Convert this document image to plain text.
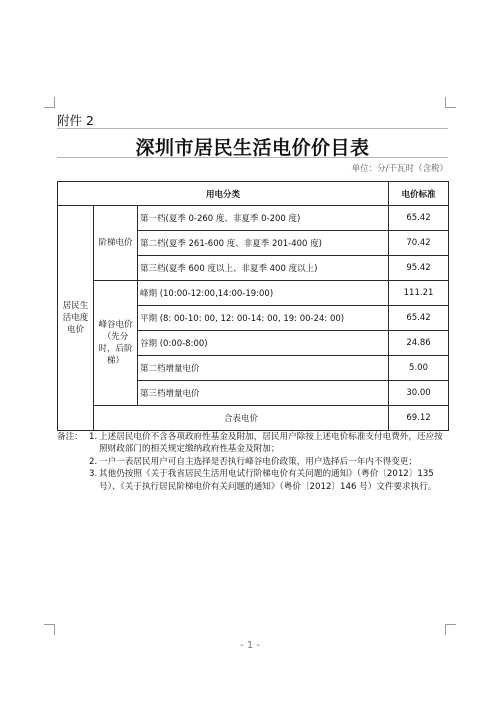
附件 2
深圳市居民生活电价价目表
单位：分/千瓦时（含税）
用电分类			电价标准
居民生活电度电价	阶梯电价	第一档(夏季 0-260 度、非夏季 0-200 度)	65.42
		第二档(夏季 261-600 度、非夏季 201-400 度)	70.42
		第三档(夏季 600 度以上、非夏季 400 度以上)	95.42
	峰谷电价（先分时，后阶梯）	峰期 (10:00-12:00,14:00-19:00)	111.21
		平期 (8: 00-10: 00, 12: 00-14: 00, 19: 00-24: 00)	65.42
		谷期 (0:00-8:00)	24.86
		第二档增量电价	5.00
		第三档增量电价	30.00
	合表电价		69.12
备注： 1. 上述居民电价不含各项政府性基金及附加，居民用户除按上述电价标准支付电费外，还应按照财政部门的相关规定缴纳政府性基金及附加；
2. 一户一表居民用户可自主选择是否执行峰谷电价政策，用户选择后一年内不得变更；
3. 其他仍按照《关于我省居民生活用电试行阶梯电价有关问题的通知》（粤价〔2012〕135 号）、《关于执行居民阶梯电价有关问题的通知》（粤价〔2012〕146 号）文件要求执行。
- 1 -
